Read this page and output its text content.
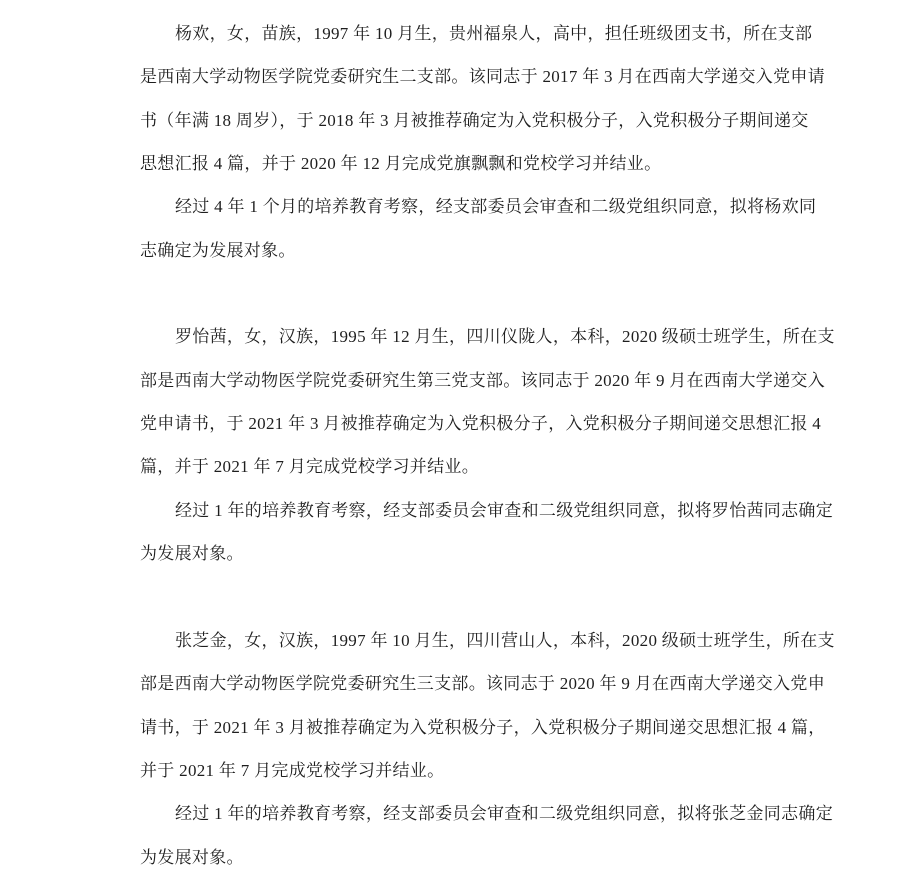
杨欢，女，苗族，1997 年 10 月生，贵州福泉人，高中，担任班级团支书，所在支部
是西南大学动物医学院党委研究生二支部。该同志于 2017 年 3 月在西南大学递交入党申请
书（年满 18 周岁），于 2018 年 3 月被推荐确定为入党积极分子，入党积极分子期间递交
思想汇报 4 篇，并于 2020 年 12 月完成党旗飘飘和党校学习并结业。
经过 4 年 1 个月的培养教育考察，经支部委员会审查和二级党组织同意，拟将杨欢同
志确定为发展对象。
罗怡茜，女，汉族，1995 年 12 月生，四川仪陇人，本科，2020 级硕士班学生，所在支
部是西南大学动物医学院党委研究生第三党支部。该同志于 2020 年 9 月在西南大学递交入
党申请书，于 2021 年 3 月被推荐确定为入党积极分子，入党积极分子期间递交思想汇报 4
篇，并于 2021 年 7 月完成党校学习并结业。
经过 1 年的培养教育考察，经支部委员会审查和二级党组织同意，拟将罗怡茜同志确定
为发展对象。
张芝金，女，汉族，1997 年 10 月生，四川营山人，本科，2020 级硕士班学生，所在支
部是西南大学动物医学院党委研究生三支部。该同志于 2020 年 9 月在西南大学递交入党申
请书，于 2021 年 3 月被推荐确定为入党积极分子，入党积极分子期间递交思想汇报 4 篇，
并于 2021 年 7 月完成党校学习并结业。
经过 1 年的培养教育考察，经支部委员会审查和二级党组织同意，拟将张芝金同志确定
为发展对象。
